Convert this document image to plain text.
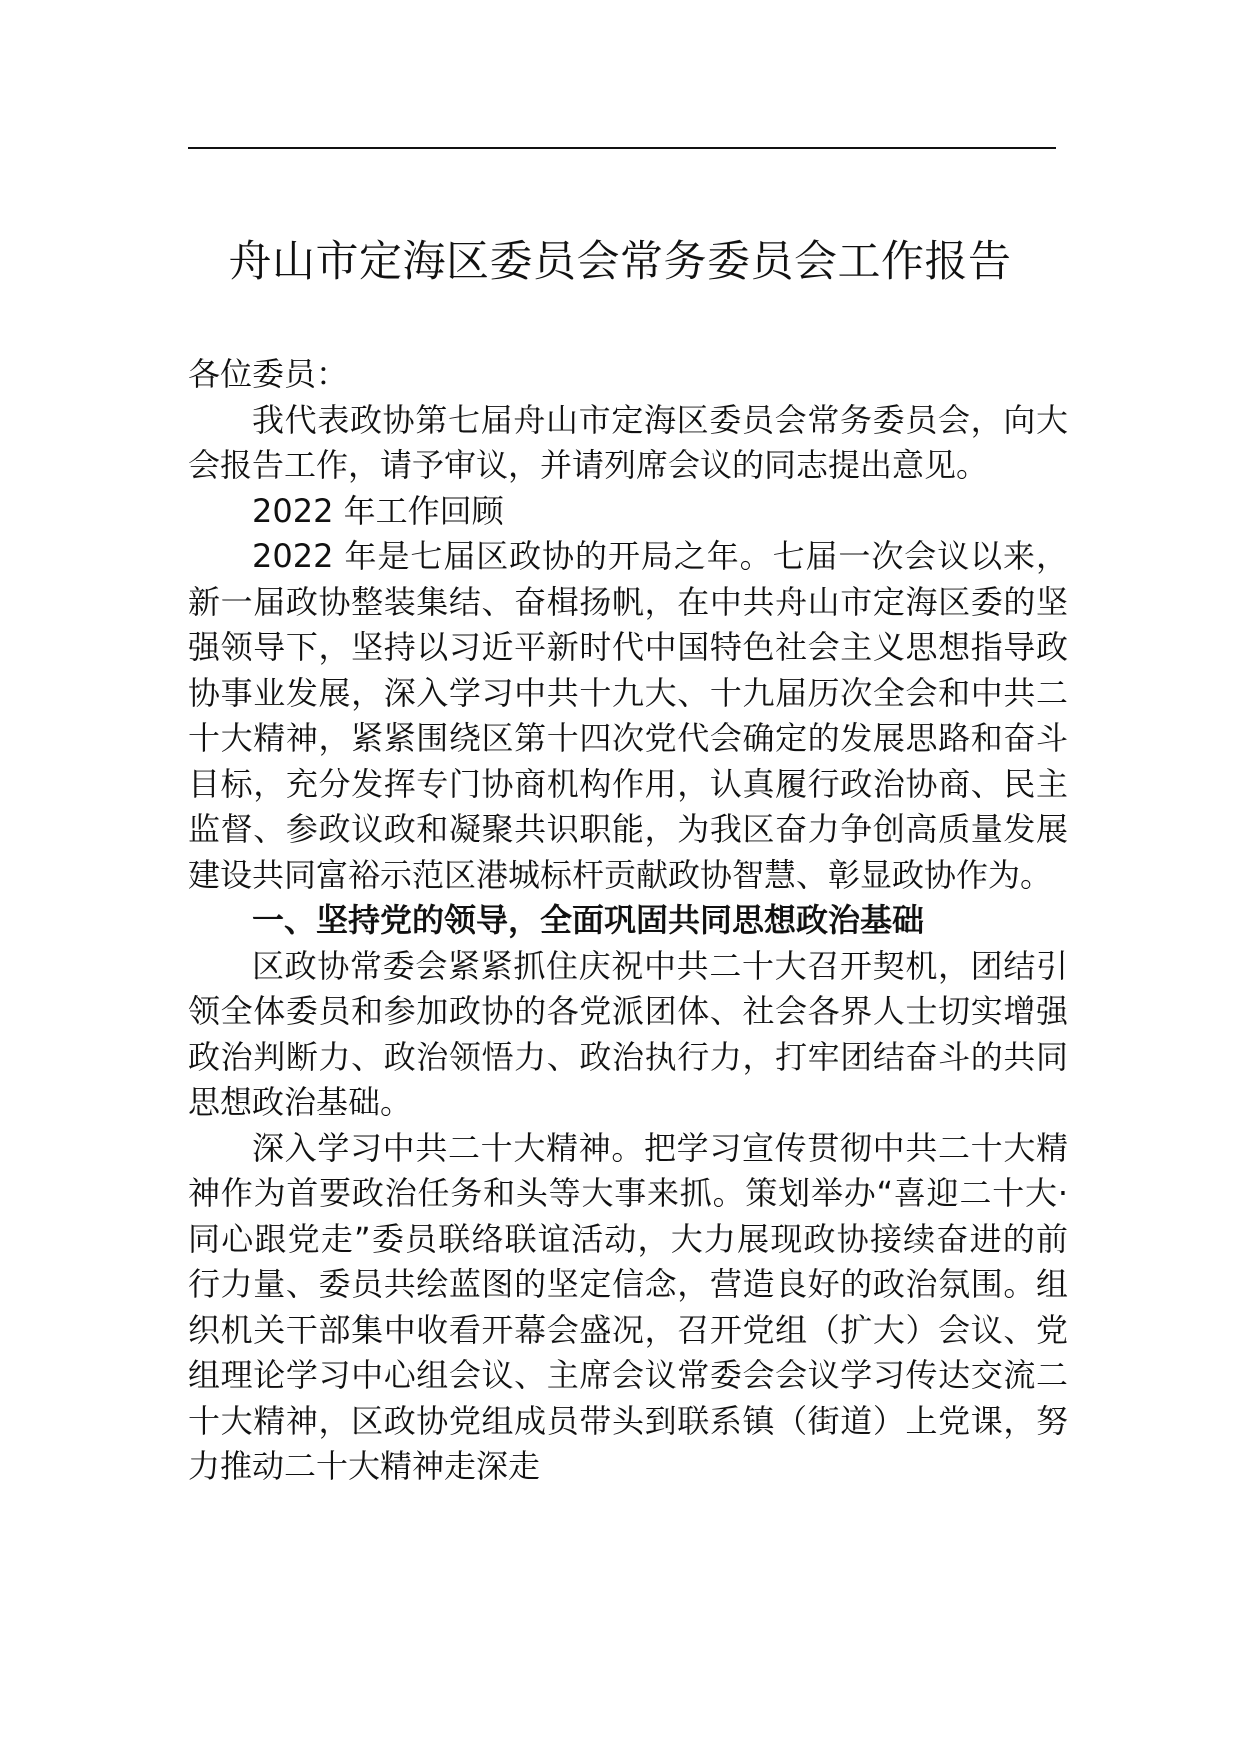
舟山市定海区委员会常务委员会工作报告

各位委员：

我代表政协第七届舟山市定海区委员会常务委员会，向大会报告工作，请予审议，并请列席会议的同志提出意见。

2022 年工作回顾

2022 年是七届区政协的开局之年。七届一次会议以来，新一届政协整装集结、奋楫扬帆，在中共舟山市定海区委的坚强领导下，坚持以习近平新时代中国特色社会主义思想指导政协事业发展，深入学习中共十九大、十九届历次全会和中共二十大精神，紧紧围绕区第十四次党代会确定的发展思路和奋斗目标，充分发挥专门协商机构作用，认真履行政治协商、民主监督、参政议政和凝聚共识职能，为我区奋力争创高质量发展建设共同富裕示范区港城标杆贡献政协智慧、彰显政协作为。

一、坚持党的领导，全面巩固共同思想政治基础

区政协常委会紧紧抓住庆祝中共二十大召开契机，团结引领全体委员和参加政协的各党派团体、社会各界人士切实增强政治判断力、政治领悟力、政治执行力，打牢团结奋斗的共同思想政治基础。

深入学习中共二十大精神。把学习宣传贯彻中共二十大精神作为首要政治任务和头等大事来抓。策划举办“喜迎二十大·同心跟党走”委员联络联谊活动，大力展现政协接续奋进的前行力量、委员共绘蓝图的坚定信念，营造良好的政治氛围。组织机关干部集中收看开幕会盛况，召开党组（扩大）会议、党组理论学习中心组会议、主席会议常委会会议学习传达交流二十大精神，区政协党组成员带头到联系镇（街道）上党课，努力推动二十大精神走深走
